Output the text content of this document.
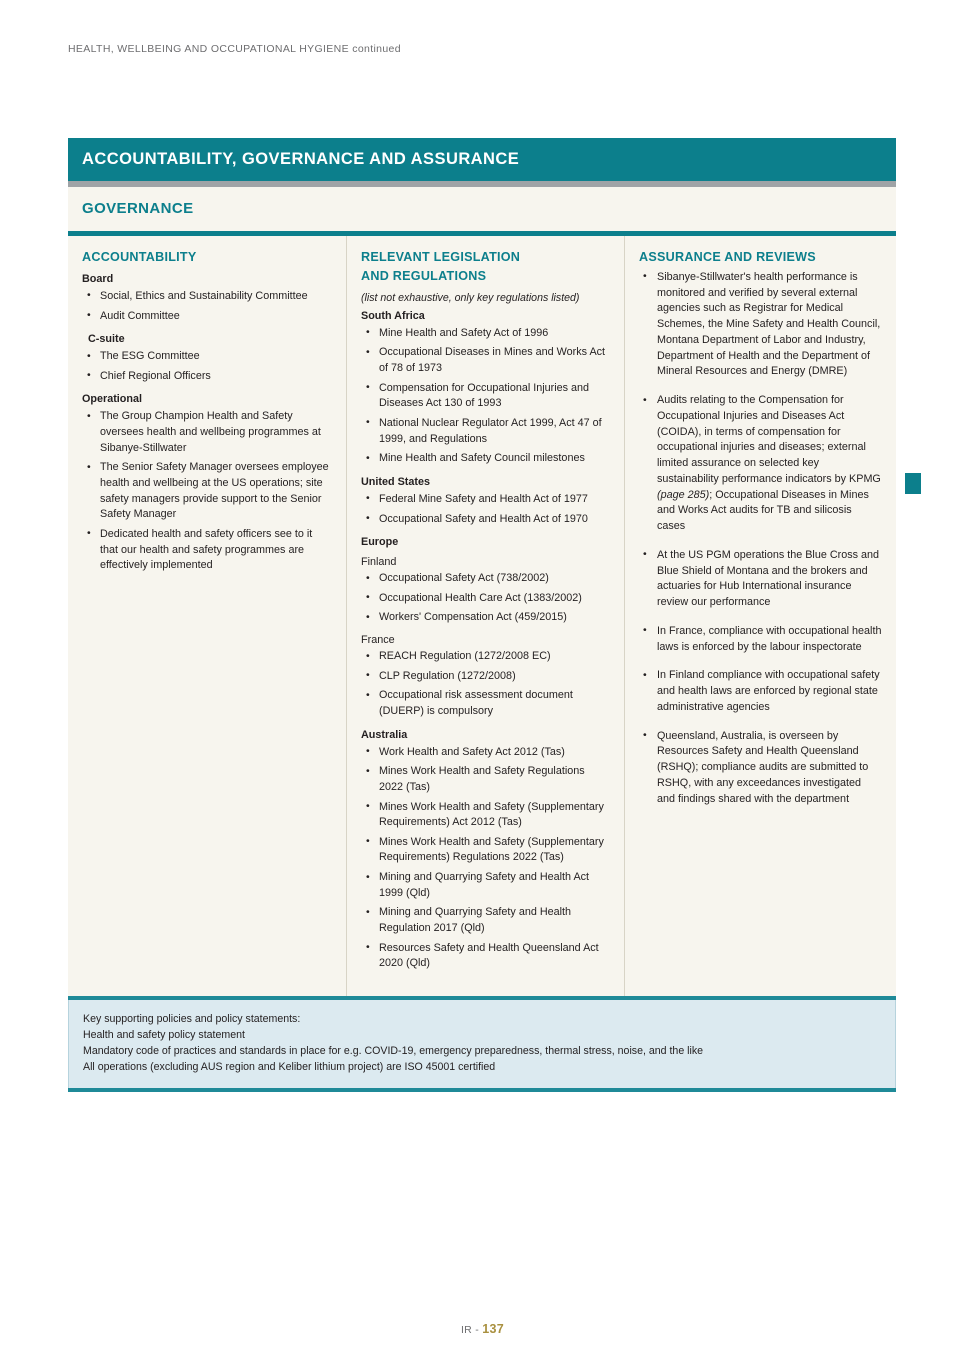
HEALTH, WELLBEING AND OCCUPATIONAL HYGIENE continued
ACCOUNTABILITY, GOVERNANCE AND ASSURANCE
GOVERNANCE
ACCOUNTABILITY
Board
• Social, Ethics and Sustainability Committee
• Audit Committee
C-suite
• The ESG Committee
• Chief Regional Officers
Operational
• The Group Champion Health and Safety oversees health and wellbeing programmes at Sibanye-Stillwater
• The Senior Safety Manager oversees employee health and wellbeing at the US operations; site safety managers provide support to the Senior Safety Manager
• Dedicated health and safety officers see to it that our health and safety programmes are effectively implemented
RELEVANT LEGISLATION
AND REGULATIONS
(list not exhaustive, only key regulations listed)
South Africa
• Mine Health and Safety Act of 1996
• Occupational Diseases in Mines and Works Act of 78 of 1973
• Compensation for Occupational Injuries and Diseases Act 130 of 1993
• National Nuclear Regulator Act 1999, Act 47 of 1999, and Regulations
• Mine Health and Safety Council milestones
United States
• Federal Mine Safety and Health Act of 1977
• Occupational Safety and Health Act of 1970
Europe
Finland
• Occupational Safety Act (738/2002)
• Occupational Health Care Act (1383/2002)
• Workers' Compensation Act (459/2015)
France
• REACH Regulation (1272/2008 EC)
• CLP Regulation (1272/2008)
• Occupational risk assessment document (DUERP) is compulsory
Australia
• Work Health and Safety Act 2012 (Tas)
• Mines Work Health and Safety Regulations 2022 (Tas)
• Mines Work Health and Safety (Supplementary Requirements) Act 2012 (Tas)
• Mines Work Health and Safety (Supplementary Requirements) Regulations 2022 (Tas)
• Mining and Quarrying Safety and Health Act 1999 (Qld)
• Mining and Quarrying Safety and Health Regulation 2017 (Qld)
• Resources Safety and Health Queensland Act 2020 (Qld)
ASSURANCE AND REVIEWS
• Sibanye-Stillwater's health performance is monitored and verified by several external agencies such as Registrar for Medical Schemes, the Mine Safety and Health Council, Montana Department of Labor and Industry, Department of Health and the Department of Mineral Resources and Energy (DMRE)
• Audits relating to the Compensation for Occupational Injuries and Diseases Act (COIDA), in terms of compensation for occupational injuries and diseases; external limited assurance on selected key sustainability performance indicators by KPMG (page 285); Occupational Diseases in Mines and Works Act audits for TB and silicosis cases
• At the US PGM operations the Blue Cross and Blue Shield of Montana and the brokers and actuaries for Hub International insurance review our performance
• In France, compliance with occupational health laws is enforced by the labour inspectorate
• In Finland compliance with occupational safety and health laws are enforced by regional state administrative agencies
• Queensland, Australia, is overseen by Resources Safety and Health Queensland (RSHQ); compliance audits are submitted to RSHQ, with any exceedances investigated and findings shared with the department

Key supporting policies and policy statements:

Health and safety policy statement

Mandatory code of practices and standards in place for e.g. COVID-19, emergency preparedness, thermal stress, noise, and the like

All operations (excluding AUS region and Keliber lithium project) are ISO 45001 certified

IR - 137
